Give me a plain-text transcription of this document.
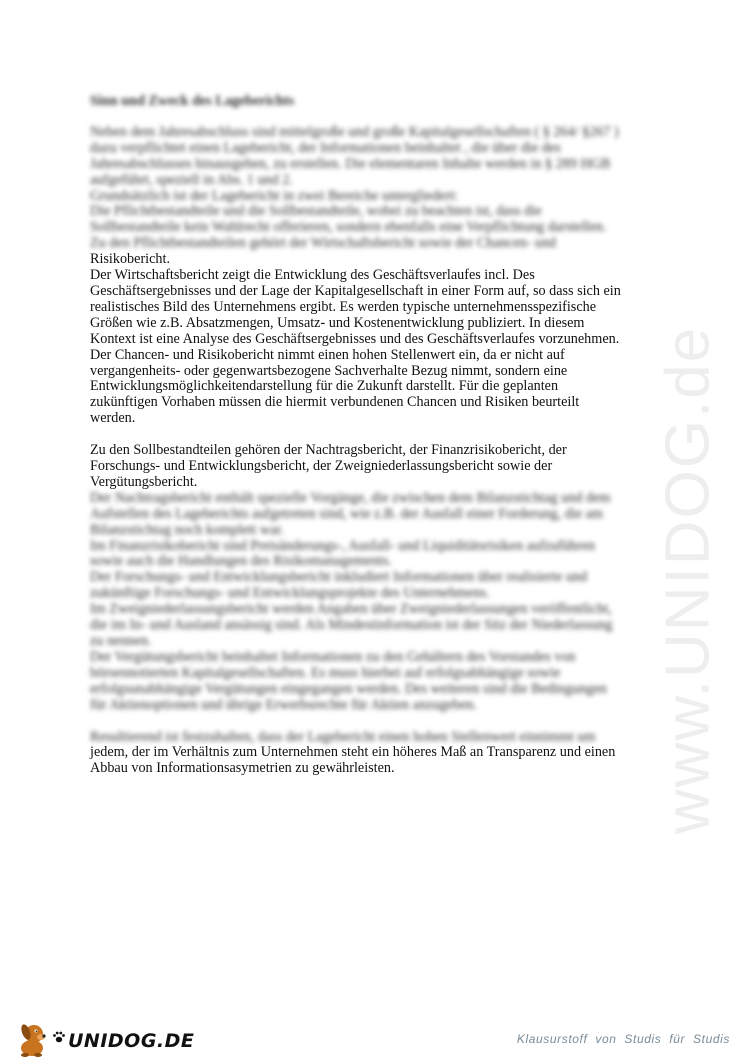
www.UNIDOG.de
Sinn und Zweck des Lageberichts
Neben dem Jahresabschluss sind mittelgroße und große Kapitalgesellschaften ( § 264/ §267 )
dazu verpflichtet einen Lagebericht, der Informationen beinhaltet , die über die des
Jahresabschlusses hinausgehen, zu erstellen. Die elementaren Inhalte werden in § 289 HGB
aufgeführt, speziell in Abs. 1 und 2.
Grundsätzlich ist der Lagebericht in zwei Bereiche untergliedert:
Die Pflichtbestandteile und die Sollbestandteile, wobei zu beachten ist, dass die
Sollbestandteile kein Wahlrecht offerieren, sondern ebenfalls eine Verpflichtung darstellen.
Zu den Pflichtbestandteilen gehört der Wirtschaftsbericht sowie der Chancen- und
Risikobericht.
Der Wirtschaftsbericht zeigt die Entwicklung des Geschäftsverlaufes incl. Des
Geschäftsergebnisses und der Lage der Kapitalgesellschaft in einer Form auf, so dass sich ein
realistisches Bild des Unternehmens ergibt. Es werden typische unternehmensspezifische
Größen wie z.B. Absatzmengen, Umsatz- und Kostenentwicklung publiziert. In diesem
Kontext ist eine Analyse des Geschäftsergebnisses und des Geschäftsverlaufes vorzunehmen.
Der Chancen- und Risikobericht nimmt einen hohen Stellenwert ein, da er nicht auf
vergangenheits- oder gegenwartsbezogene Sachverhalte Bezug nimmt, sondern eine
Entwicklungsmöglichkeitendarstellung für die Zukunft darstellt. Für die geplanten
zukünftigen Vorhaben müssen die hiermit verbundenen Chancen und Risiken beurteilt
werden.
Zu den Sollbestandteilen gehören der Nachtragsbericht, der Finanzrisikobericht, der
Forschungs- und Entwicklungsbericht, der Zweigniederlassungsbericht sowie der
Vergütungsbericht.
Der Nachtragsbericht enthält spezielle Vorgänge, die zwischen dem Bilanzstichtag und dem
Aufstellen des Lageberichts aufgetreten sind, wie z.B. der Ausfall einer Forderung, die am
Bilanzstichtag noch komplett war.
Im Finanzrisikobericht sind Preisänderungs-, Ausfall- und Liquiditätsrisiken aufzuführen
sowie auch die Handlungen des Risikomanagements.
Der Forschungs- und Entwicklungsbericht inkludiert Informationen über realisierte und
zukünftige Forschungs- und Entwicklungsprojekte des Unternehmens.
Im Zweigniederlassungsbericht werden Angaben über Zweigniederlassungen veröffentlicht,
die im In- und Ausland ansässig sind. Als Mindestinformation ist der Sitz der Niederlassung
zu nennen.
Der Vergütungsbericht beinhaltet Informationen zu den Gehältern des Vorstandes von
börsennotierten Kapitalgesellschaften. Es muss hierbei auf erfolgsabhängige sowie
erfolgsunabhängige Vergütungen eingegangen werden. Des weiteren sind die Bedingungen
für Aktienoptionen und übrige Erwerbsrechte für Aktien anzugeben.
Resultierend ist festzuhalten, dass der Lagebericht einen hohen Stellenwert einnimmt um
jedem, der im Verhältnis zum Unternehmen steht ein höheres Maß an Transparenz und einen
Abbau von Informationsasymetrien zu gewährleisten.
UNIDOG.DE	Klausurstoff von Studis für Studis
